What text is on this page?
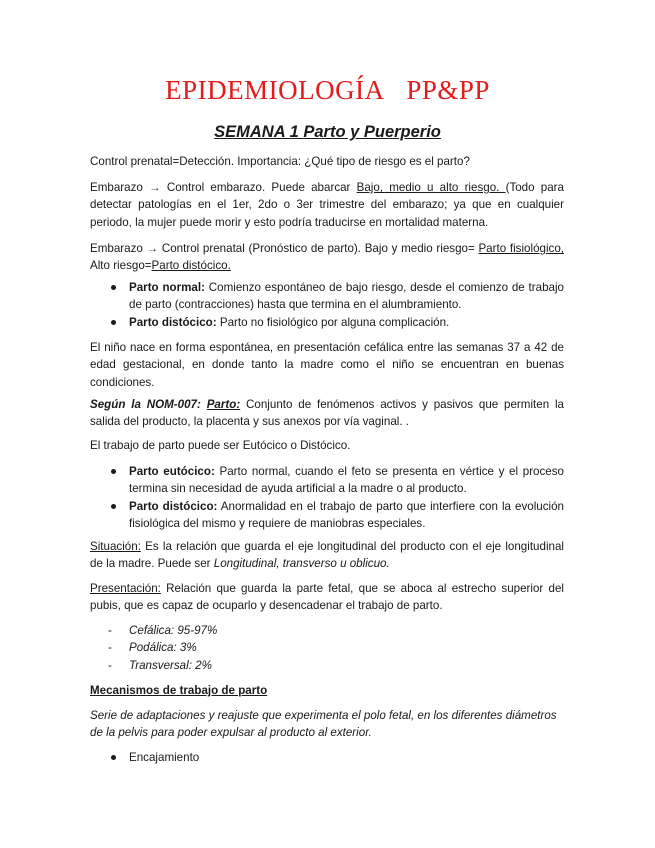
EPIDEMIOLOGÍA PP&PP
SEMANA 1 Parto y Puerperio
Control prenatal=Detección. Importancia: ¿Qué tipo de riesgo es el parto?
Embarazo → Control embarazo. Puede abarcar Bajo, medio u alto riesgo. (Todo para detectar patologías en el 1er, 2do o 3er trimestre del embarazo; ya que en cualquier periodo, la mujer puede morir y esto podría traducirse en mortalidad materna.
Embarazo → Control prenatal (Pronóstico de parto). Bajo y medio riesgo= Parto fisiológico, Alto riesgo=Parto distócico.
Parto normal: Comienzo espontáneo de bajo riesgo, desde el comienzo de trabajo de parto (contracciones) hasta que termina en el alumbramiento.
Parto distócico: Parto no fisiológico por alguna complicación.
El niño nace en forma espontánea, en presentación cefálica entre las semanas 37 a 42 de edad gestacional, en donde tanto la madre como el niño se encuentran en buenas condiciones.
Según la NOM-007: Parto: Conjunto de fenómenos activos y pasivos que permiten la salida del producto, la placenta y sus anexos por vía vaginal. .
El trabajo de parto puede ser Eutócico o Distócico.
Parto eutócico: Parto normal, cuando el feto se presenta en vértice y el proceso termina sin necesidad de ayuda artificial a la madre o al producto.
Parto distócico: Anormalidad en el trabajo de parto que interfiere con la evolución fisiológica del mismo y requiere de maniobras especiales.
Situación: Es la relación que guarda el eje longitudinal del producto con el eje longitudinal de la madre. Puede ser Longitudinal, transverso u oblicuo.
Presentación: Relación que guarda la parte fetal, que se aboca al estrecho superior del pubis, que es capaz de ocuparlo y desencadenar el trabajo de parto.
- Cefálica: 95-97%
- Podálica: 3%
- Transversal: 2%
Mecanismos de trabajo de parto
Serie de adaptaciones y reajuste que experimenta el polo fetal, en los diferentes diámetros de la pelvis para poder expulsar al producto al exterior.
Encajamiento
